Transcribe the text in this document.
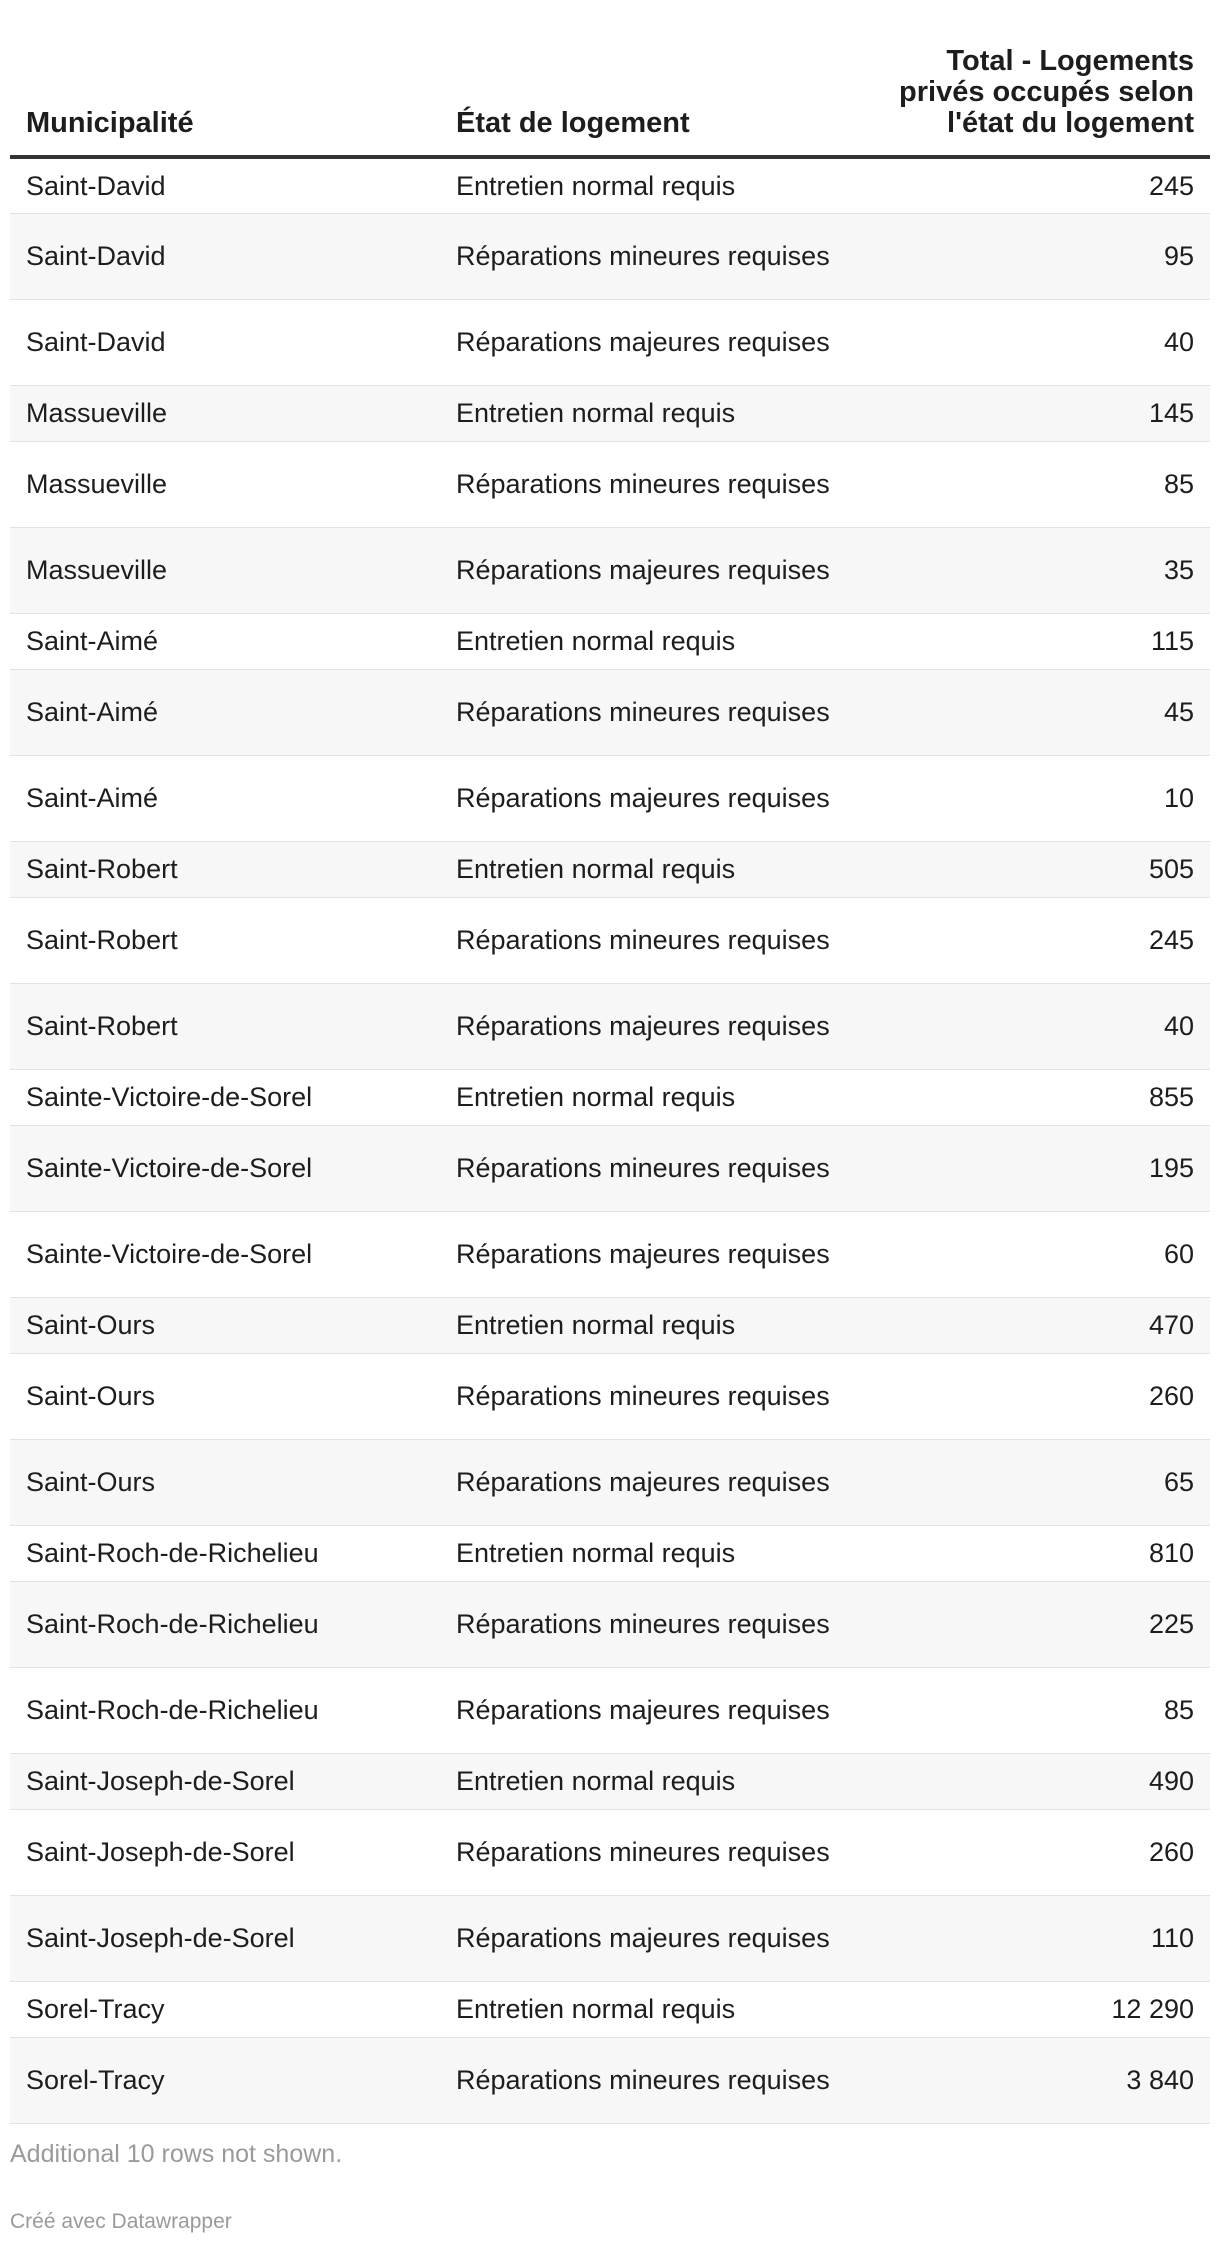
Municipalité	État de logement	Total - Logements privés occupés selon l'état du logement
Saint-David	Entretien normal requis	245
Saint-David	Réparations mineures requises	95
Saint-David	Réparations majeures requises	40
Massueville	Entretien normal requis	145
Massueville	Réparations mineures requises	85
Massueville	Réparations majeures requises	35
Saint-Aimé	Entretien normal requis	115
Saint-Aimé	Réparations mineures requises	45
Saint-Aimé	Réparations majeures requises	10
Saint-Robert	Entretien normal requis	505
Saint-Robert	Réparations mineures requises	245
Saint-Robert	Réparations majeures requises	40
Sainte-Victoire-de-Sorel	Entretien normal requis	855
Sainte-Victoire-de-Sorel	Réparations mineures requises	195
Sainte-Victoire-de-Sorel	Réparations majeures requises	60
Saint-Ours	Entretien normal requis	470
Saint-Ours	Réparations mineures requises	260
Saint-Ours	Réparations majeures requises	65
Saint-Roch-de-Richelieu	Entretien normal requis	810
Saint-Roch-de-Richelieu	Réparations mineures requises	225
Saint-Roch-de-Richelieu	Réparations majeures requises	85
Saint-Joseph-de-Sorel	Entretien normal requis	490
Saint-Joseph-de-Sorel	Réparations mineures requises	260
Saint-Joseph-de-Sorel	Réparations majeures requises	110
Sorel-Tracy	Entretien normal requis	12 290
Sorel-Tracy	Réparations mineures requises	3 840
Additional 10 rows not shown.
Créé avec Datawrapper
